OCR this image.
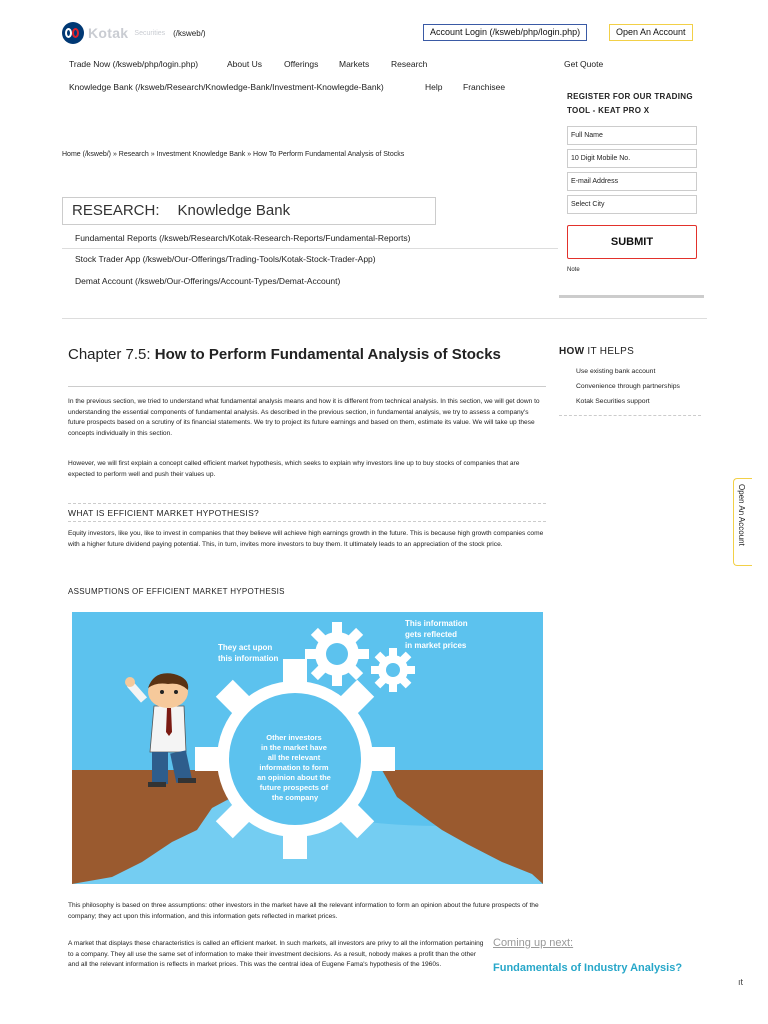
Kotak Securities (/ksweb/)	Account Login (/ksweb/php/login.php)	Open An Account
Trade Now (/ksweb/php/login.php)	About Us	Offerings Markets	Research	Get Quote
Knowledge Bank (/ksweb/Research/Knowledge-Bank/Investment-Knowlegde-Bank)	Help Franchisee
Home (/ksweb/) » Research » Investment Knowledge Bank » How To Perform Fundamental Analysis of Stocks
RESEARCH: Knowledge Bank
Fundamental Reports (/ksweb/Research/Kotak-Research-Reports/Fundamental-Reports)
Stock Trader App (/ksweb/Our-Offerings/Trading-Tools/Kotak-Stock-Trader-App)
Demat Account (/ksweb/Our-Offerings/Account-Types/Demat-Account)
REGISTER FOR OUR TRADING TOOL - KEAT PRO X
Full Name
10 Digit Mobile No.
E-mail Address
Select City
SUBMIT
Note
HOW IT HELPS
Use existing bank account
Convenience through partnerships
Kotak Securities support
Chapter 7.5: How to Perform Fundamental Analysis of Stocks

In the previous section, we tried to understand what fundamental analysis means and how it is different from technical analysis. In this section, we will get down to understanding the essential components of fundamental analysis. As described in the previous section, in fundamental analysis, we try to assess a company's future prospects based on a scrutiny of its financial statements. We try to project its future earnings and based on them, estimate its value. We will take up these concepts individually in this section.

However, we will first explain a concept called efficient market hypothesis, which seeks to explain why investors line up to buy stocks of companies that are expected to perform well and push their values up.

WHAT IS EFFICIENT MARKET HYPOTHESIS?

Equity investors, like you, like to invest in companies that they believe will achieve high earnings growth in the future. This is because high growth companies come with a higher future dividend paying potential. This, in turn, invites more investors to buy them. It ultimately leads to an appreciation of the stock price.

ASSUMPTIONS OF EFFICIENT MARKET HYPOTHESIS
They act upon this information
This information gets reflected in market prices
Other investors in the market have all the relevant information to form an opinion about the future prospects of the company

This philosophy is based on three assumptions: other investors in the market have all the relevant information to form an opinion about the future prospects of the company; they act upon this information, and this information gets reflected in market prices.

A market that displays these characteristics is called an efficient market. In such markets, all investors are privy to all the information pertaining to a company. They all use the same set of information to make their investment decisions. As a result, nobody makes a profit than the other and all the relevant information is reflects in market prices. This was the central idea of Eugene Fama's hypothesis of the 1960s.

Coming up next:
Fundamentals of Industry Analysis?
ıt
Open An Account
